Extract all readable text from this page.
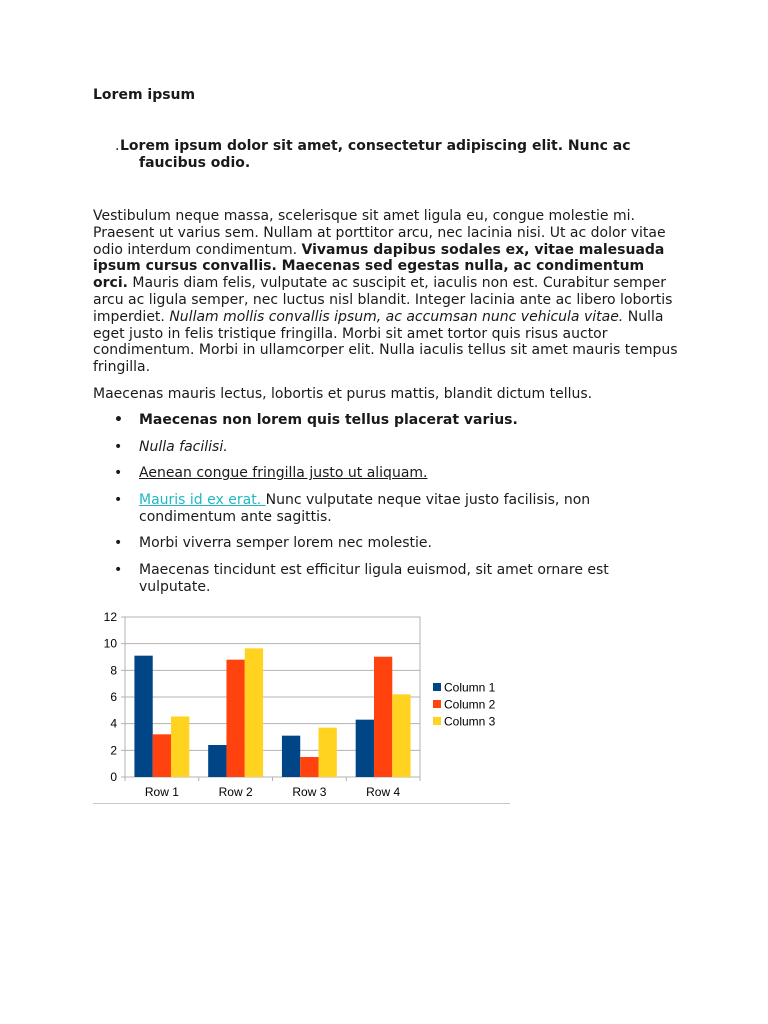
Lorem ipsum
. Lorem ipsum dolor sit amet, consectetur adipiscing elit. Nunc ac faucibus odio.

Vestibulum neque massa, scelerisque sit amet ligula eu, congue molestie mi. Praesent ut varius sem. Nullam at porttitor arcu, nec lacinia nisi. Ut ac dolor vitae odio interdum condimentum. Vivamus dapibus sodales ex, vitae malesuada ipsum cursus convallis. Maecenas sed egestas nulla, ac condimentum orci. Mauris diam felis, vulputate ac suscipit et, iaculis non est. Curabitur semper arcu ac ligula semper, nec luctus nisl blandit. Integer lacinia ante ac libero lobortis imperdiet. Nullam mollis convallis ipsum, ac accumsan nunc vehicula vitae. Nulla eget justo in felis tristique fringilla. Morbi sit amet tortor quis risus auctor condimentum. Morbi in ullamcorper elit. Nulla iaculis tellus sit amet mauris tempus fringilla.

Maecenas mauris lectus, lobortis et purus mattis, blandit dictum tellus.

• Maecenas non lorem quis tellus placerat varius.
• Nulla facilisi.
• Aenean congue fringilla justo ut aliquam.
• Mauris id ex erat. Nunc vulputate neque vitae justo facilisis, non condimentum ante sagittis.
• Morbi viverra semper lorem nec molestie.
• Maecenas tincidunt est efficitur ligula euismod, sit amet ornare est vulputate.
0
2
4
6
8
10
12
Row 1	Row 2	Row 3	Row 4
Column 1
Column 2
Column 3
